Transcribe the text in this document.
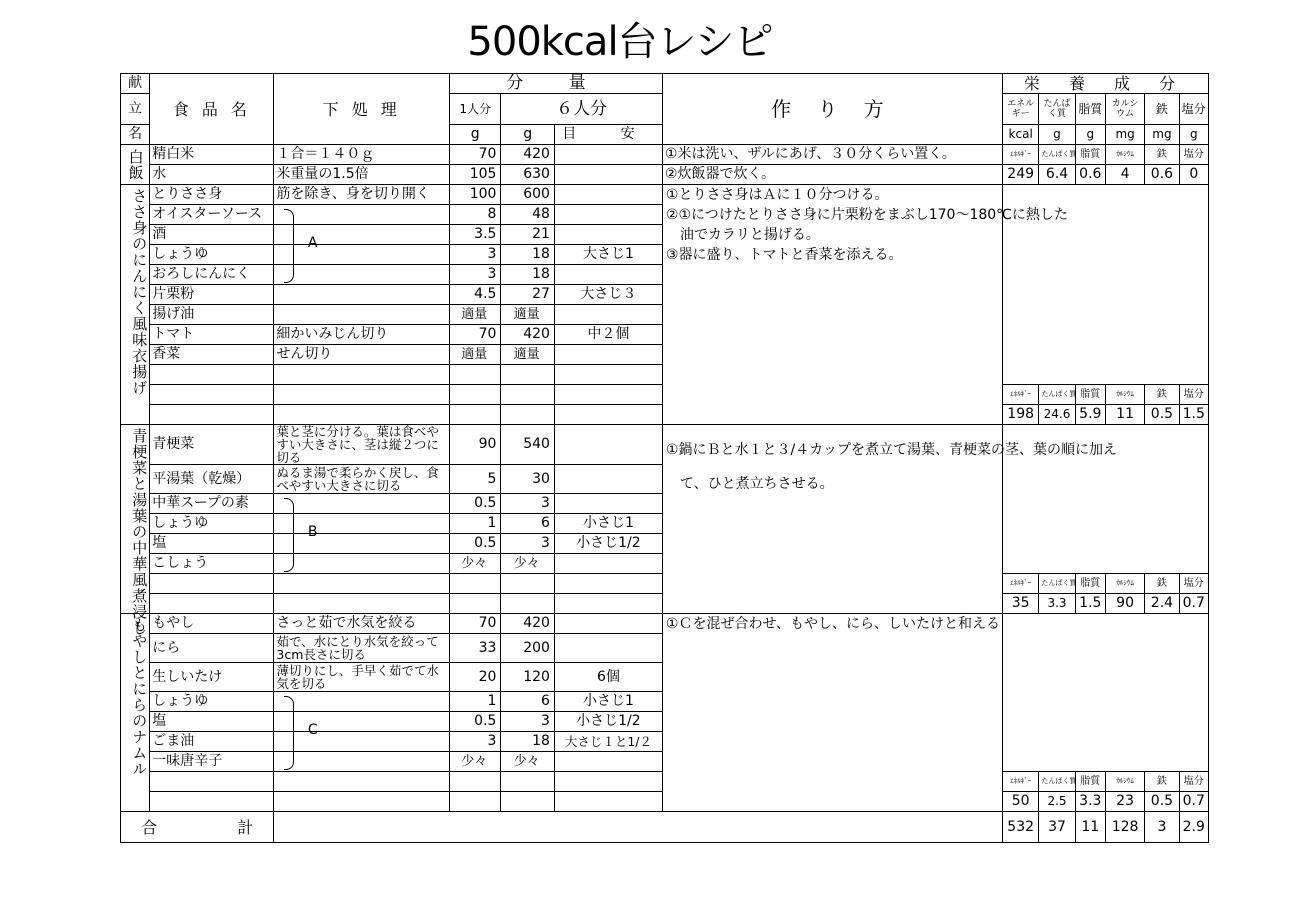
500kcal台レシピ
献	食 品 名	下 処 理	分 量			作 り 方	栄 養 成 分					
立			1人分	６人分			エネル ギー	たんぱ く質	脂質	カルシ ウム	鉄	塩分
名			g	g	目 安		kcal	g	g	mg	mg	g
白飯	精白米	１合＝１４０ｇ	70	420		①米は洗い、ザルにあげ、３０分くらい置く。	ｴﾈﾙｷﾞｰ	たんぱく質	脂質	ｶﾙｼｳﾑ	鉄	塩分
	水	米重量の1.5倍	105	630		②炊飯器で炊く。	249	6.4	0.6	4	0.6	0
ささ身のにんにく風味衣揚げ	とりささ身	筋を除き、身を切り開く	100	600		①とりささ身はＡに１０分つける。
②①につけたとりささ身に片栗粉をまぶし170～180℃に熱した
　油でカラリと揚げる。
③器に盛り、トマトと香菜を添える。						

	オイスターソース		8	48								
	酒		3.5	21								
	しょうゆ		3	18	大さじ1							
	おろしにんにく		3	18								
	片栗粉		4.5	27	大さじ３							
	揚げ油		適量	適量								
	トマト	細かいみじん切り	70	420	中２個							
	香菜	せん切り	適量	適量								

							ｴﾈﾙｷﾞｰ	たんぱく質	脂質	ｶﾙｼｳﾑ	鉄	塩分
							198	24.6	5.9	11	0.5	1.5
青梗菜と湯葉の中華風煮浸し	青梗菜	葉と茎に分ける。葉は食べやすい大きさに、茎は縦２つに切る	90	540		①鍋にＢと水１と３/４カップを煮立て湯葉、青梗菜の茎、葉の順に加え
　て、ひと煮立ちさせる。						

	平湯葉（乾燥）	ぬるま湯で柔らかく戻し、食べやすい大きさに切る	5	30								
	中華スープの素		0.5	3								
	しょうゆ		1	6	小さじ1							
	塩		0.5	3	小さじ1/2							
	こしょう		少々	少々								
							ｴﾈﾙｷﾞｰ	たんぱく質	脂質	ｶﾙｼｳﾑ	鉄	塩分
							35	3.3	1.5	90	2.4	0.7
もやしとにらのナムル	もやし	さっと茹で水気を絞る	70	420		①Ｃを混ぜ合わせ、もやし、にら、しいたけと和える						

	にら	茹で、水にとり水気を絞って3cm長さに切る	33	200								
	生しいたけ	薄切りにし、手早く茹でて水気を切る	20	120	6個							
	しょうゆ		1	6	小さじ1							
	塩		0.5	3	小さじ1/2							
	ごま油		3	18	大さじ１と1/２							
	一味唐辛子		少々	少々								
							ｴﾈﾙｷﾞｰ	たんぱく質	脂質	ｶﾙｼｳﾑ	鉄	塩分
							50	2.5	3.3	23	0.5	0.7
合　　　　　計							532	37	11	128	3	2.9
A
B
C
